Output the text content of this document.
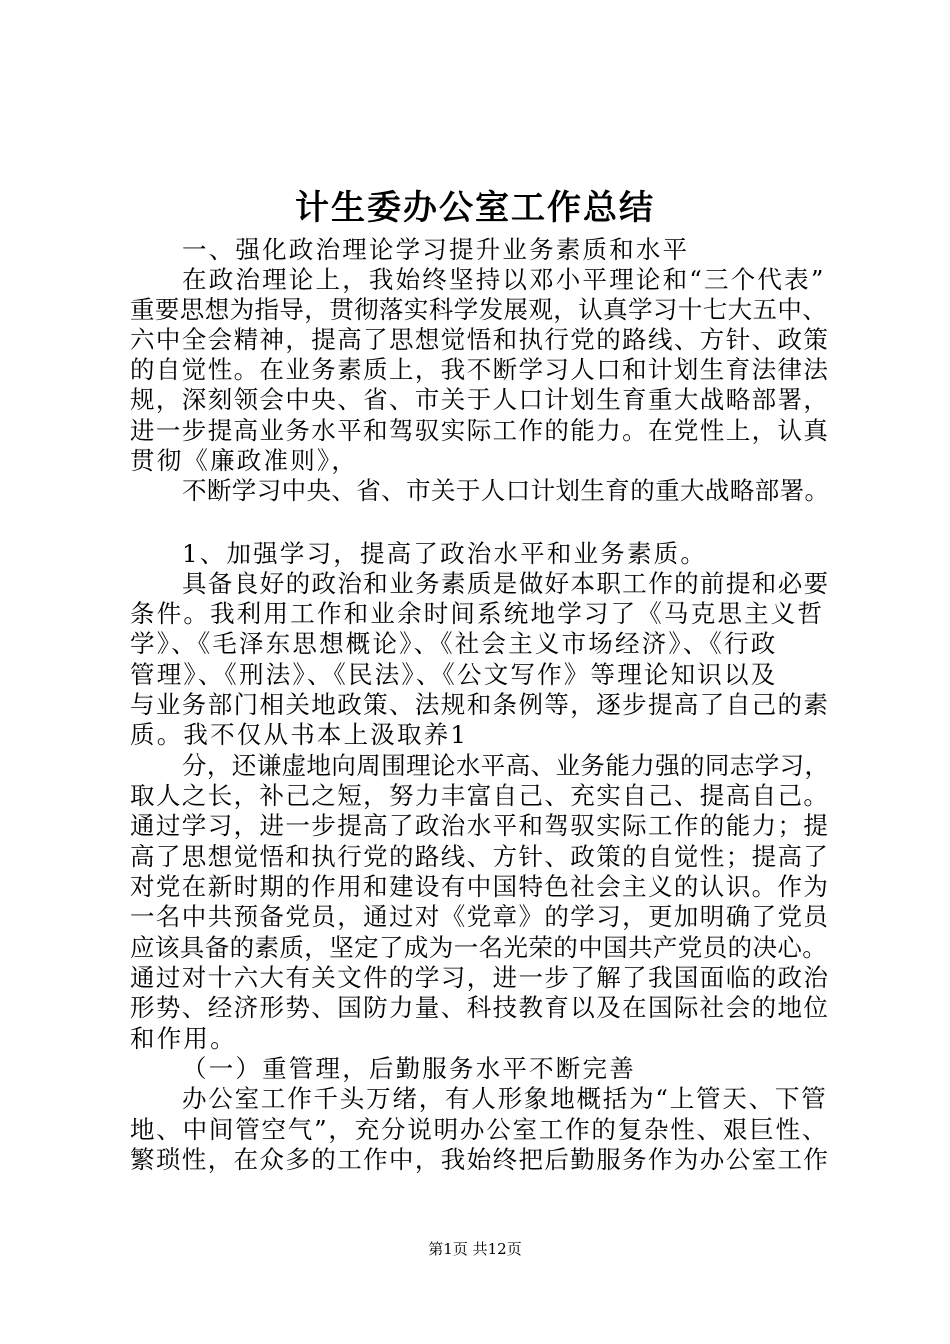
计生委办公室工作总结
一、强化政治理论学习提升业务素质和水平
在政治理论上，我始终坚持以邓小平理论和“三个代表”
重要思想为指导，贯彻落实科学发展观，认真学习十七大五中、
六中全会精神，提高了思想觉悟和执行党的路线、方针、政策
的自觉性。在业务素质上，我不断学习人口和计划生育法律法
规，深刻领会中央、省、市关于人口计划生育重大战略部署，
进一步提高业务水平和驾驭实际工作的能力。在党性上，认真
贯彻《廉政准则》，
不断学习中央、省、市关于人口计划生育的重大战略部署。
1、加强学习，提高了政治水平和业务素质。
具备良好的政治和业务素质是做好本职工作的前提和必要
条件。我利用工作和业余时间系统地学习了《马克思主义哲
学》、《毛泽东思想概论》、《社会主义市场经济》、《行政
管理》、《刑法》、《民法》、《公文写作》等理论知识以及
与业务部门相关地政策、法规和条例等，逐步提高了自己的素
质。我不仅从书本上汲取养1
分，还谦虚地向周围理论水平高、业务能力强的同志学习，
取人之长，补己之短，努力丰富自己、充实自己、提高自己。
通过学习，进一步提高了政治水平和驾驭实际工作的能力；提
高了思想觉悟和执行党的路线、方针、政策的自觉性；提高了
对党在新时期的作用和建设有中国特色社会主义的认识。作为
一名中共预备党员，通过对《党章》的学习，更加明确了党员
应该具备的素质，坚定了成为一名光荣的中国共产党员的决心。
通过对十六大有关文件的学习，进一步了解了我国面临的政治
形势、经济形势、国防力量、科技教育以及在国际社会的地位
和作用。
（一）重管理，后勤服务水平不断完善
办公室工作千头万绪，有人形象地概括为“上管天、下管
地、中间管空气”，充分说明办公室工作的复杂性、艰巨性、
繁琐性，在众多的工作中，我始终把后勤服务作为办公室工作
第1页 共12页
